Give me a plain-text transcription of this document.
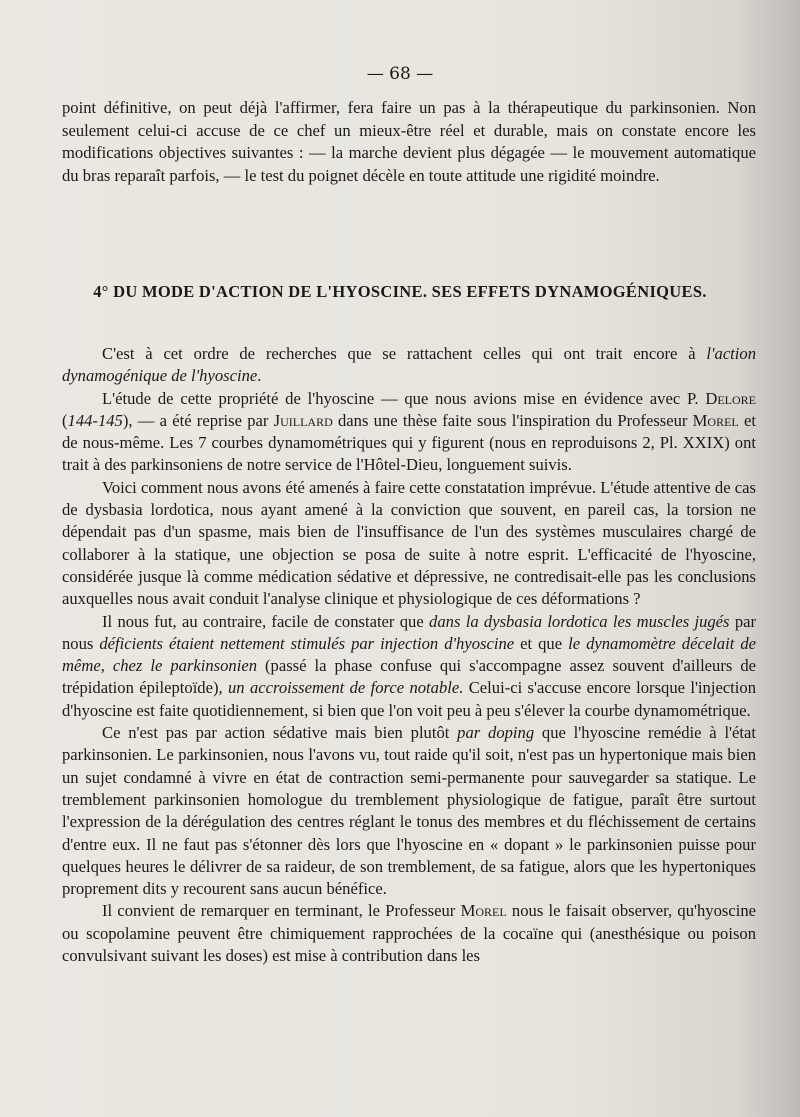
— 68 —

point définitive, on peut déjà l'affirmer, fera faire un pas à la thérapeutique du parkinsonien. Non seulement celui-ci accuse de ce chef un mieux-être réel et durable, mais on constate encore les modifications objectives suivantes : — la marche devient plus dégagée — le mouvement automatique du bras reparaît parfois, — le test du poignet décèle en toute attitude une rigidité moindre.

4° DU MODE D'ACTION DE L'HYOSCINE. SES EFFETS DYNAMOGÉNIQUES.

C'est à cet ordre de recherches que se rattachent celles qui ont trait encore à l'action dynamogénique de l'hyoscine.

L'étude de cette propriété de l'hyoscine — que nous avions mise en évidence avec P. Delore (144-145), — a été reprise par Juillard dans une thèse faite sous l'inspiration du Professeur Morel et de nous-même. Les 7 courbes dynamométriques qui y figurent (nous en reproduisons 2, Pl. XXIX) ont trait à des parkinsoniens de notre service de l'Hôtel-Dieu, longuement suivis.

Voici comment nous avons été amenés à faire cette constatation imprévue. L'étude attentive de cas de dysbasia lordotica, nous ayant amené à la conviction que souvent, en pareil cas, la torsion ne dépendait pas d'un spasme, mais bien de l'insuffisance de l'un des systèmes musculaires chargé de collaborer à la statique, une objection se posa de suite à notre esprit. L'efficacité de l'hyoscine, considérée jusque là comme médication sédative et dépressive, ne contredisait-elle pas les conclusions auxquelles nous avait conduit l'analyse clinique et physiologique de ces déformations ?

Il nous fut, au contraire, facile de constater que dans la dysbasia lordotica les muscles jugés par nous déficients étaient nettement stimulés par injection d'hyoscine et que le dynamomètre décelait de même, chez le parkinsonien (passé la phase confuse qui s'accompagne assez souvent d'ailleurs de trépidation épileptoïde), un accroissement de force notable. Celui-ci s'accuse encore lorsque l'injection d'hyoscine est faite quotidiennement, si bien que l'on voit peu à peu s'élever la courbe dynamométrique.

Ce n'est pas par action sédative mais bien plutôt par doping que l'hyoscine remédie à l'état parkinsonien. Le parkinsonien, nous l'avons vu, tout raide qu'il soit, n'est pas un hypertonique mais bien un sujet condamné à vivre en état de contraction semi-permanente pour sauvegarder sa statique. Le tremblement parkinsonien homologue du tremblement physiologique de fatigue, paraît être surtout l'expression de la dérégulation des centres réglant le tonus des membres et du fléchissement de certains d'entre eux. Il ne faut pas s'étonner dès lors que l'hyoscine en « dopant » le parkinsonien puisse pour quelques heures le délivrer de sa raideur, de son tremblement, de sa fatigue, alors que les hypertoniques proprement dits y recourent sans aucun bénéfice.

Il convient de remarquer en terminant, le Professeur Morel nous le faisait observer, qu'hyoscine ou scopolamine peuvent être chimiquement rapprochées de la cocaïne qui (anesthésique ou poison convulsivant suivant les doses) est mise à contribution dans les
